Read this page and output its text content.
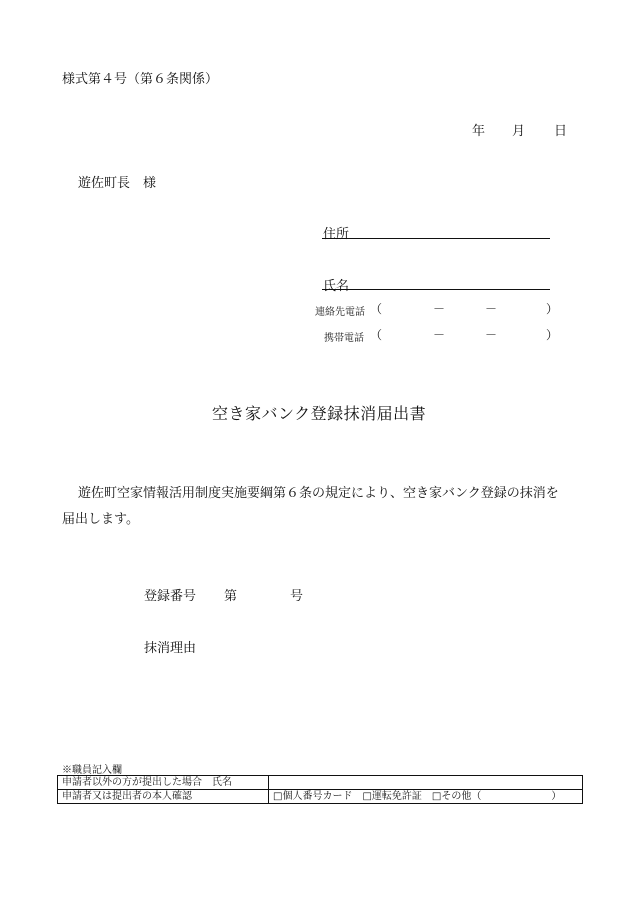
様式第４号（第６条関係）
年 月 日
遊佐町長　様
住所
氏名
連絡先電話 （	－	－	）
携帯電話 （	－	－	）
空き家バンク登録抹消届出書
遊佐町空家情報活用制度実施要綱第６条の規定により、空き家バンク登録の抹消を
届出します。
登録番号 第	号
抹消理由
※職員記入欄
申請者以外の方が提出した場合　氏名	
申請者又は提出者の本人確認	□個人番号カード　□運転免許証　□その他（　　　　　　　）
